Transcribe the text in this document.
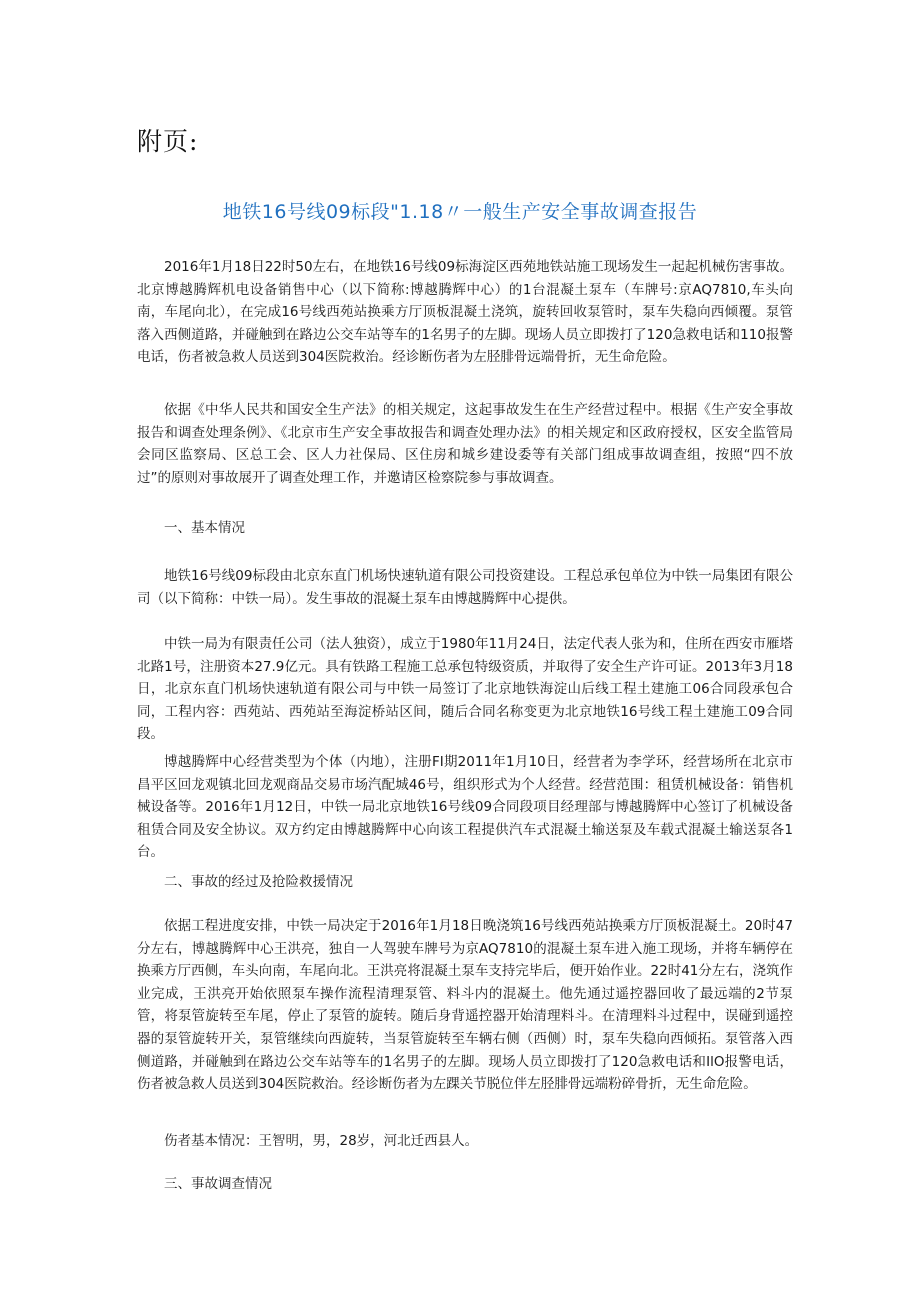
附页:
地铁16号线09标段"1.18〃一般生产安全事故调查报告

2016年1月18日22时50左右，在地铁16号线09标海淀区西苑地铁站施工现场发生一起起机械伤害事故。北京博越腾辉机电设备销售中心（以下简称:博越腾辉中心）的1台混凝土泵车（车牌号:京AQ7810,车头向南，车尾向北），在完成16号线西苑站换乘方厅顶板混凝土浇筑，旋转回收泵管时，泵车失稳向西倾覆。泵管落入西侧道路，并碰触到在路边公交车站等车的1名男子的左脚。现场人员立即拨打了120急救电话和110报警电话，伤者被急救人员送到304医院救治。经诊断伤者为左胫腓骨远端骨折，无生命危险。

依据《中华人民共和国安全生产法》的相关规定，这起事故发生在生产经营过程中。根据《生产安全事故报告和调查处理条例》、《北京市生产安全事故报告和调查处理办法》的相关规定和区政府授权，区安全监管局会同区监察局、区总工会、区人力社保局、区住房和城乡建设委等有关部门组成事故调查组，按照“四不放过”的原则对事故展开了调查处理工作，并邀请区检察院参与事故调查。

一、基本情况

地铁16号线09标段由北京东直门机场快速轨道有限公司投资建设。工程总承包单位为中铁一局集团有限公司（以下简称：中铁一局）。发生事故的混凝土泵车由博越腾辉中心提供。

中铁一局为有限责任公司（法人独资），成立于1980年11月24日，法定代表人张为和，住所在西安市雁塔北路1号，注册资本27.9亿元。具有铁路工程施工总承包特级资质，并取得了安全生产许可证。2013年3月18日，北京东直门机场快速轨道有限公司与中铁一局签订了北京地铁海淀山后线工程土建施工06合同段承包合同，工程内容：西苑站、西苑站至海淀桥站区间，随后合同名称变更为北京地铁16号线工程土建施工09合同段。

博越腾辉中心经营类型为个体（内地），注册FI期2011年1月10日，经营者为李学环，经营场所在北京市昌平区回龙观镇北回龙观商品交易市场汽配城46号，组织形式为个人经营。经营范围：租赁机械设备：销售机械设备等。2016年1月12日，中铁一局北京地铁16号线09合同段项目经理部与博越腾辉中心签订了机械设备租赁合同及安全协议。双方约定由博越腾辉中心向该工程提供汽车式混凝土输送泵及车载式混凝土输送泵各1台。

二、事故的经过及抢险救援情况

依据工程进度安排，中铁一局决定于2016年1月18日晚浇筑16号线西苑站换乘方厅顶板混凝土。20时47分左右，博越腾辉中心王洪亮，独自一人驾驶车牌号为京AQ7810的混凝土泵车进入施工现场，并将车辆停在换乘方厅西侧，车头向南，车尾向北。王洪亮将混凝土泵车支持完毕后，便开始作业。22时41分左右，浇筑作业完成，王洪亮开始依照泵车操作流程清理泵管、料斗内的混凝土。他先通过遥控器回收了最远端的2节泵管，将泵管旋转至车尾，停止了泵管的旋转。随后身背遥控器开始清理料斗。在清理料斗过程中，误碰到遥控器的泵管旋转开关，泵管继续向西旋转，当泵管旋转至车辆右侧（西侧）时，泵车失稳向西倾拓。泵管落入西侧道路，并碰触到在路边公交车站等车的1名男子的左脚。现场人员立即拨打了120急救电话和IlO报警电话，伤者被急救人员送到304医院救治。经诊断伤者为左踝关节脱位伴左胫腓骨远端粉碎骨折，无生命危险。

伤者基本情况：王智明，男，28岁，河北迁西县人。

三、事故调查情况
